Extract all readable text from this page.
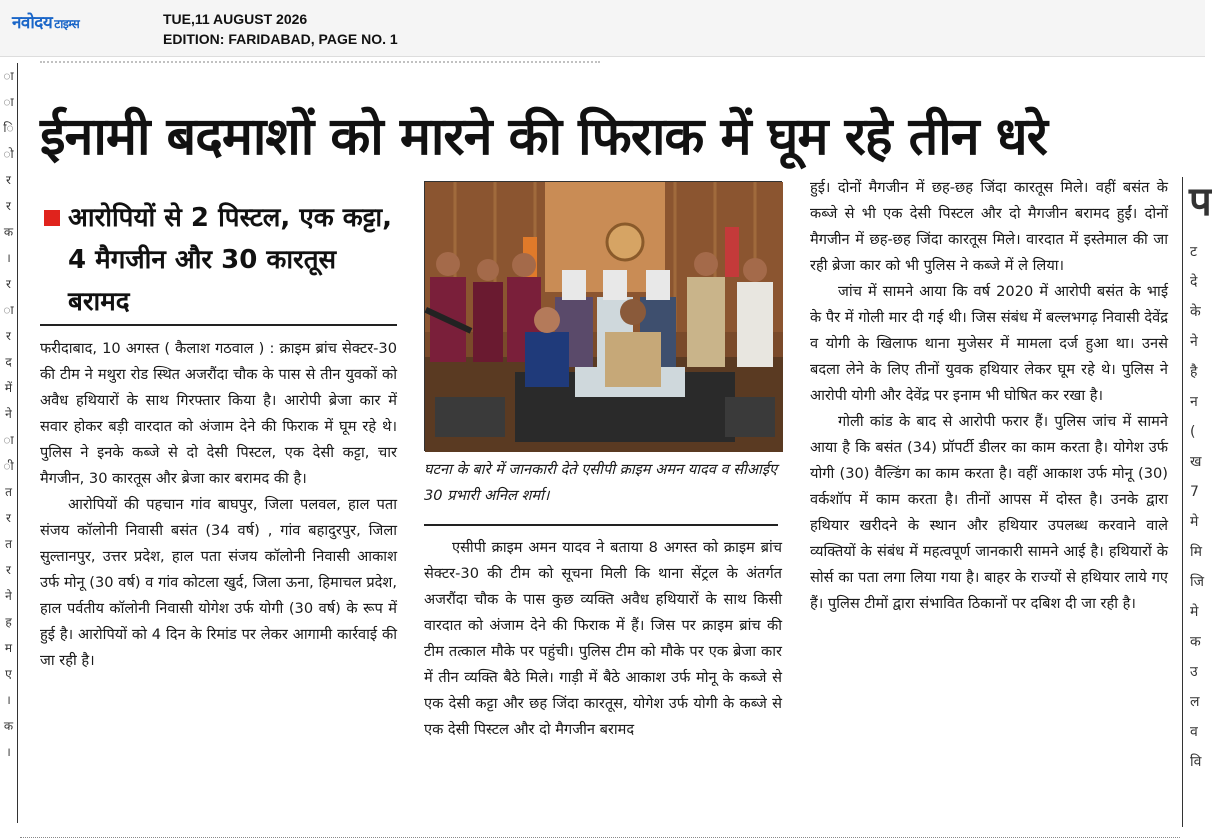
नवोदय टाइम्स	TUE,11 AUGUST 2026
EDITION: FARIDABAD, PAGE NO. 1
ा
ा
ि
ो
र
र
क
।
र
ा
र
द
में
ने
ा
ी
त
र
त
र
ने
ह
म
ए
।
क
।
प
ट
दे
के
ने
है
न
(
ख
7
मे
मि
जि
मे
क
उ
ल
व
वि
ईनामी बदमाशों को मारने की फिराक में घूम रहे तीन धरे
आरोपियों से 2 पिस्टल, एक कट्टा, 4 मैगजीन और 30 कारतूस बरामद

फरीदाबाद, 10 अगस्त ( कैलाश गठवाल ) : क्राइम ब्रांच सेक्टर-30 की टीम ने मथुरा रोड स्थित अजरौंदा चौक के पास से तीन युवकों को अवैध हथियारों के साथ गिरफ्तार किया है। आरोपी ब्रेजा कार में सवार होकर बड़ी वारदात को अंजाम देने की फिराक में घूम रहे थे। पुलिस ने इनके कब्जे से दो देसी पिस्टल, एक देसी कट्टा, चार मैगजीन, 30 कारतूस और ब्रेजा कार बरामद की है।

आरोपियों की पहचान गांव बाघपुर, जिला पलवल, हाल पता संजय कॉलोनी निवासी बसंत (34 वर्ष) , गांव बहादुरपुर, जिला सुल्तानपुर, उत्तर प्रदेश, हाल पता संजय कॉलोनी निवासी आकाश उर्फ मोनू (30 वर्ष) व गांव कोटला खुर्द, जिला ऊना, हिमाचल प्रदेश, हाल पर्वतीय कॉलोनी निवासी योगेश उर्फ योगी (30 वर्ष) के रूप में हुई है। आरोपियों को 4 दिन के रिमांड पर लेकर आगामी कार्रवाई की जा रही है।

घटना के बारे में जानकारी देते एसीपी क्राइम अमन यादव व सीआईए 30 प्रभारी अनिल शर्मा।

एसीपी क्राइम अमन यादव ने बताया 8 अगस्त को क्राइम ब्रांच सेक्टर-30 की टीम को सूचना मिली कि थाना सेंट्रल के अंतर्गत अजरौंदा चौक के पास कुछ व्यक्ति अवैध हथियारों के साथ किसी वारदात को अंजाम देने की फिराक में हैं। जिस पर क्राइम ब्रांच की टीम तत्काल मौके पर पहुंची। पुलिस टीम को मौके पर एक ब्रेजा कार में तीन व्यक्ति बैठे मिले। गाड़ी में बैठे आकाश उर्फ मोनू के कब्जे से एक देसी कट्टा और छह जिंदा कारतूस, योगेश उर्फ योगी के कब्जे से एक देसी पिस्टल और दो मैगजीन बरामद

हुई। दोनों मैगजीन में छह-छह जिंदा कारतूस मिले। वहीं बसंत के कब्जे से भी एक देसी पिस्टल और दो मैगजीन बरामद हुईं। दोनों मैगजीन में छह-छह जिंदा कारतूस मिले। वारदात में इस्तेमाल की जा रही ब्रेजा कार को भी पुलिस ने कब्जे में ले लिया।

जांच में सामने आया कि वर्ष 2020 में आरोपी बसंत के भाई के पैर में गोली मार दी गई थी। जिस संबंध में बल्लभगढ़ निवासी देवेंद्र व योगी के खिलाफ थाना मुजेसर में मामला दर्ज हुआ था। उनसे बदला लेने के लिए तीनों युवक हथियार लेकर घूम रहे थे। पुलिस ने आरोपी योगी और देवेंद्र पर इनाम भी घोषित कर रखा है।

गोली कांड के बाद से आरोपी फरार हैं। पुलिस जांच में सामने आया है कि बसंत (34) प्रॉपर्टी डीलर का काम करता है। योगेश उर्फ योगी (30) वैल्डिंग का काम करता है। वहीं आकाश उर्फ मोनू (30) वर्कशॉप में काम करता है। तीनों आपस में दोस्त है। उनके द्वारा हथियार खरीदने के स्थान और हथियार उपलब्ध करवाने वाले व्यक्तियों के संबंध में महत्वपूर्ण जानकारी सामने आई है। हथियारों के सोर्स का पता लगा लिया गया है। बाहर के राज्यों से हथियार लाये गए हैं। पुलिस टीमों द्वारा संभावित ठिकानों पर दबिश दी जा रही है।
